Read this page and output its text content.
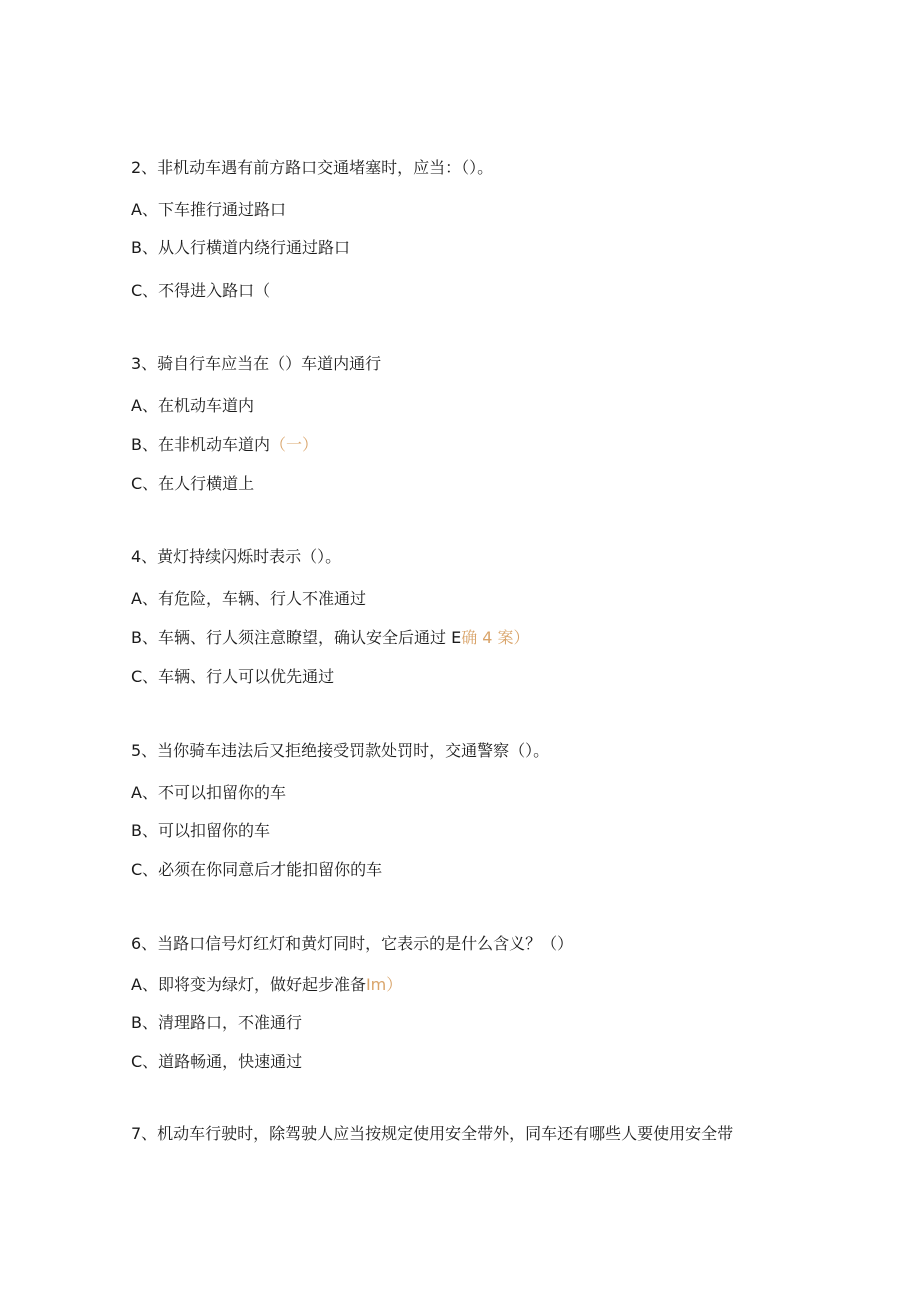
2、非机动车遇有前方路口交通堵塞时，应当：（）。
A、下车推行通过路口
B、从人行横道内绕行通过路口
C、不得进入路口（
3、骑自行车应当在（）车道内通行
A、在机动车道内
B、在非机动车道内（一）
C、在人行横道上
4、黄灯持续闪烁时表示（）。
A、有危险，车辆、行人不准通过
B、车辆、行人须注意瞭望，确认安全后通过 E确 4 案）
C、车辆、行人可以优先通过
5、当你骑车违法后又拒绝接受罚款处罚时，交通警察（）。
A、不可以扣留你的车
B、可以扣留你的车
C、必须在你同意后才能扣留你的车
6、当路口信号灯红灯和黄灯同时，它表示的是什么含义？（）
A、即将变为绿灯，做好起步准备Im）
B、清理路口，不准通行
C、道路畅通，快速通过
7、机动车行驶时，除驾驶人应当按规定使用安全带外，同车还有哪些人要使用安全带
